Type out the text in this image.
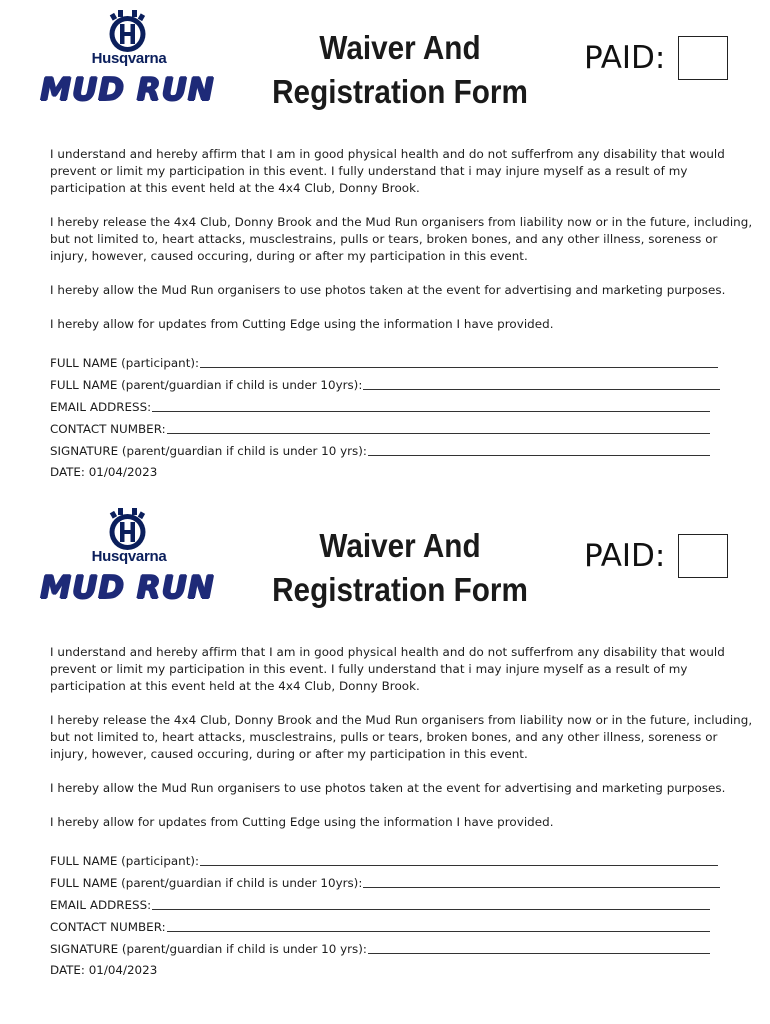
Husqvarna
MUD RUN
Waiver And
Registration Form
PAID:

I understand and hereby affirm that I am in good physical health and do not sufferfrom any disability that would prevent or limit my participation in this event. I fully understand that i may injure myself as a result of my participation at this event held at the 4x4 Club, Donny Brook.

I hereby release the 4x4 Club, Donny Brook and the Mud Run organisers from liability now or in the future, including, but not limited to, heart attacks, musclestrains, pulls or tears, broken bones, and any other illness, soreness or injury, however, caused occuring, during or after my participation in this event.

I hereby allow the Mud Run organisers to use photos taken at the event for advertising and marketing purposes.

I hereby allow for updates from Cutting Edge using the information I have provided.

FULL NAME (participant):
FULL NAME (parent/guardian if child is under 10yrs):
EMAIL ADDRESS:
CONTACT NUMBER:
SIGNATURE (parent/guardian if child is under 10 yrs):
DATE: 01/04/2023
Husqvarna
MUD RUN
Waiver And
Registration Form
PAID:

I understand and hereby affirm that I am in good physical health and do not sufferfrom any disability that would prevent or limit my participation in this event. I fully understand that i may injure myself as a result of my participation at this event held at the 4x4 Club, Donny Brook.

I hereby release the 4x4 Club, Donny Brook and the Mud Run organisers from liability now or in the future, including, but not limited to, heart attacks, musclestrains, pulls or tears, broken bones, and any other illness, soreness or injury, however, caused occuring, during or after my participation in this event.

I hereby allow the Mud Run organisers to use photos taken at the event for advertising and marketing purposes.

I hereby allow for updates from Cutting Edge using the information I have provided.

FULL NAME (participant):
FULL NAME (parent/guardian if child is under 10yrs):
EMAIL ADDRESS:
CONTACT NUMBER:
SIGNATURE (parent/guardian if child is under 10 yrs):
DATE: 01/04/2023
